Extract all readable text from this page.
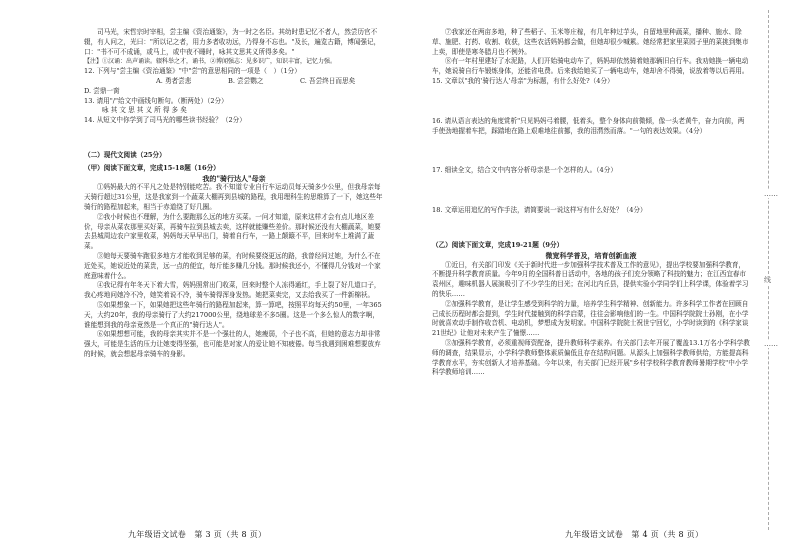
司马光，宋哲宗时宰相，尝主编《资治通鉴》，为一时之名臣。其幼时患记忆不者人，然尝历官不辍，有人问之，光曰："所以记之者，用力多者收功远，乃得身不忘也。"及长，遍览古籍，博闻强记，口："书不可不成诵，或马上，或中夜不睡时，咏其文思其义所得多矣。"

【注】①汉诵：出声诵读。辍科举之才，诵书，②博闻强志：见多识广，知识丰富，记忆力强。

12. 下列与"尝主编《资治通鉴》"中"尝"的意思相同的一项是（　）（1分）

A. 勇者尝悲	B. 尝尝鹦之	C. 吾尝终日而思矣D. 尝鼎一脔

13. 请用"/"给文中画线句断句。（断两处）（2分）

咏 其 文 思 其 义 所 得 多 矣

14. 从短文中你学到了司马光的哪些读书经验？（2分）

（二）现代文阅读（25分）

（甲）阅读下面文章，完成15-18题（16分）

我的"骑行达人"母亲

①妈妈最大的不平凡之处是特别能吃苦。我不知道专业自行车运动员每天骑多少公里，但我母亲每天骑行超过31公里，这是我家到一个蔬菜大棚再到县城的路程，我用理科生的思维算了一下，她这些年骑行的路程加起来，相当于赤道绕了好几圈。

②我小时候也不理解，为什么要跑那么远的地方买菜。一问才知道，原来这样才会有点儿地区差价，母亲从菜农那里买好菜，再骑车拉到县城去卖，这样就能赚些差价。那时候还没有大棚蔬菜，她要去县城周边农户家里收菜，妈妈每天早早出门，骑着自行车，一路上颠簸不平，回来时车上堆满了蔬菜。

③她每天要骑车跑很多地方才能收到足够的菜，有时候要绕更远的路，我曾经问过她，为什么不在近处买，她说近处的菜贵，远一点的便宜，每斤能多赚几分钱。那时候我还小，不懂得几分钱对一个家庭意味着什么。

④我记得有年冬天下着大雪，妈妈照常出门收菜，回来时整个人冻得通红，手上裂了好几道口子，我心疼地问她冷不冷，她笑着说不冷，骑车骑得浑身发热。她把菜卖完，又去给我买了一件新棉袄。

⑤如果想象一下，如果她把这些年骑行的路程加起来，算一算吧，按照平均每天约50里，一年365天，大约20年，我的母亲骑行了大约217000公里，绕地球差不多5圈。这是一个多么惊人的数字啊，谁能想到我的母亲竟然是一个真正的"骑行达人"。

⑥如果想想可能，我的母亲其实并不是一个强壮的人，她瘦弱，个子也不高，但她的意志力却非常强大，可能是生活的压力让她变得坚强，也可能是对家人的爱让她不知疲倦。每当我遇到困难想要放弃的时候，就会想起母亲骑车的身影。

⑦我家还在两亩多地，种了些稻子、玉米等庄稼，有几年种过芋头，自留地里种蔬菜，播种、施水、除草、施肥、打药、收割、收获，这些农活妈妈都会做，但她却很少喊累。她经常把家里菜园子里的菜挑到集市上卖，即使是寒冬腊月也不例外。

⑧有一年村里建好了水泥路，人们开始骑电动车了，妈妈却依然骑着她那辆旧自行车。我劝她换一辆电动车，她说骑自行车锻炼身体，还能省电费。后来我给她买了一辆电动车，她却舍不得骑，说放着等以后再用。

15. 文章以"我的'骑行达人'母亲"为标题，有什么好处?（4分）

16. 请从语言表达的角度赏析"只见妈妈弓着腰，低着头，整个身体向前微倾，像一头老黄牛，奋力向前，两手使劲地握着车把，踩踏地在路上艰难地往前挪，我的泪潸然而落。"一句的表达效果。（4分）

17. 细读全文，结合文中内容分析母亲是一个怎样的人。（4分）

18. 文章运用追忆的写作手法，请简要说一说这样写有什么好处？（4分）

（乙）阅读下面文章，完成19-21题（9分）

微宽科学普及，培育创新血液

①近日，有关部门印发《关于新时代进一步加强科学技术普及工作的意见》，提出学校要加强科学教育，不断提升科学教育质量。今年9月的全国科普日活动中，各地的孩子们充分领略了科技的魅力；在江西宜春市袁州区，趣味机器人展演吸引了不少学生的目光；在河北内丘县，提供实验小学同学们上科学课，体验着学习的快乐……

②加强科学教育，是让学生感受到科学的力量，培养学生科学精神、创新能力。许多科学工作者在回顾自己成长历程时都会提到，学生时代接触到的科学启蒙，往往会影响他们的一生。中国科学院院士孙刚，在小学时就喜欢动手制作收音机、电动机，梦想成为发明家。中国科学院院士祝世宁回忆，小学时读到的《科学家谈21世纪》让他对未来产生了憧憬……

③加强科学教育，必须重视师资配备，提升教师科学素养。有关部门去年开展了覆盖13.1万名小学科学教师的调查，结果显示，小学科学教师整体素质偏低且存在结构问题。从源头上加强科学教师供给，方能提高科学教育水平，夯实创新人才培养基础。今年以来，有关部门已经开展"乡村学校科学教育教师暑期学校"中小学科学教师培训……

……
线
……
九年级语文试卷　第 3 页（共 8 页）	九年级语文试卷　第 4 页（共 8 页）
